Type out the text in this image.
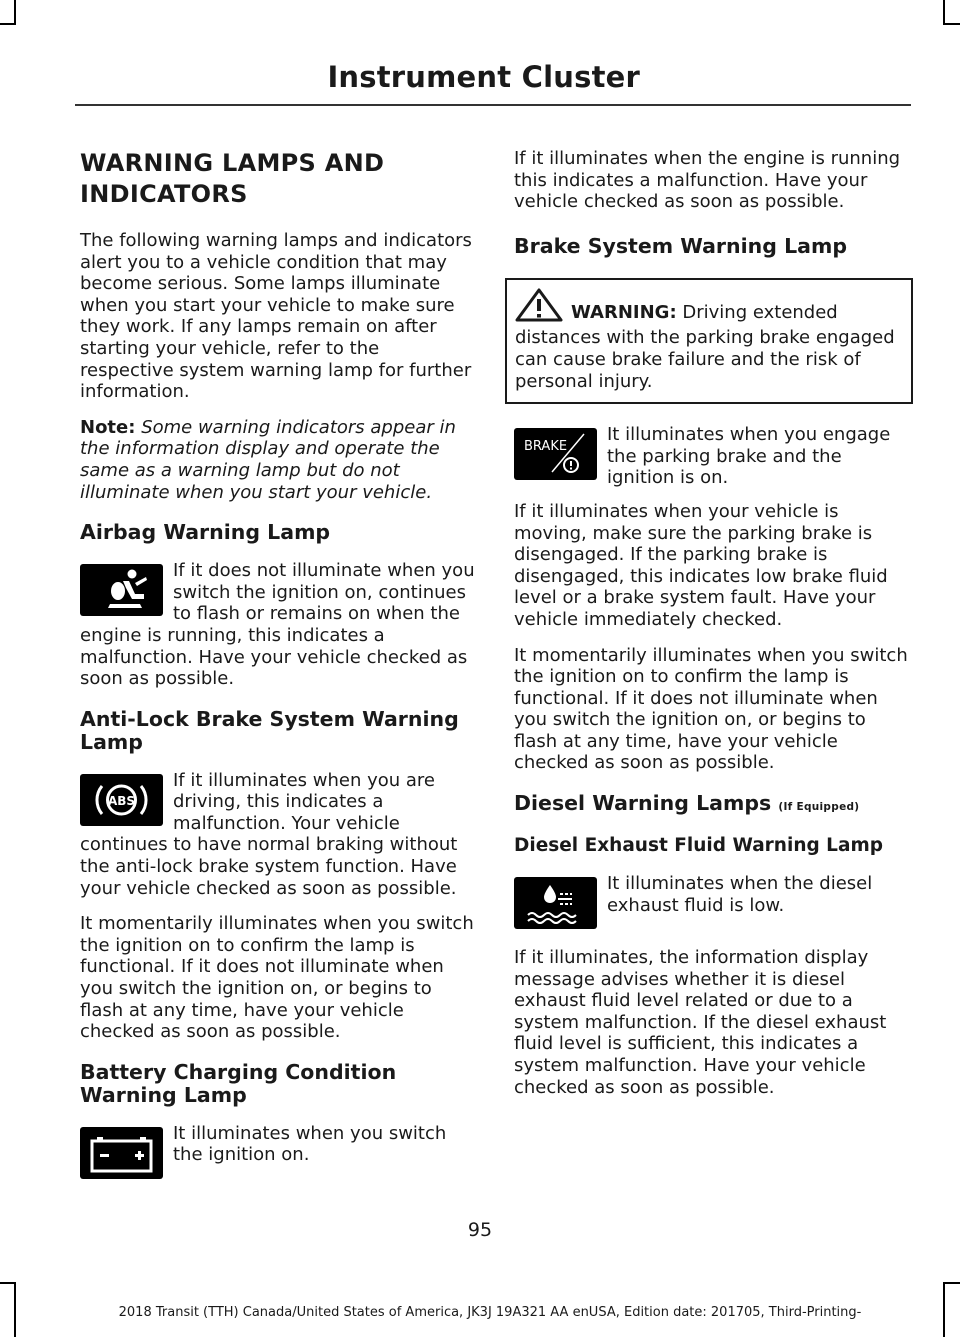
Instrument Cluster
WARNING LAMPS AND INDICATORS

The following warning lamps and indicators alert you to a vehicle condition that may become serious. Some lamps illuminate when you start your vehicle to make sure they work. If any lamps remain on after starting your vehicle, refer to the respective system warning lamp for further information.

Note: Some warning indicators appear in the information display and operate the same as a warning lamp but do not illuminate when you start your vehicle.

Airbag Warning Lamp

If it does not illuminate when you switch the ignition on, continues to flash or remains on when the engine is running, this indicates a malfunction. Have your vehicle checked as soon as possible.

Anti-Lock Brake System Warning Lamp
ABS

If it illuminates when you are driving, this indicates a malfunction. Your vehicle continues to have normal braking without the anti-lock brake system function. Have your vehicle checked as soon as possible.

It momentarily illuminates when you switch the ignition on to confirm the lamp is functional. If it does not illuminate when you switch the ignition on, or begins to flash at any time, have your vehicle checked as soon as possible.

Battery Charging Condition Warning Lamp

It illuminates when you switch the ignition on.

If it illuminates when the engine is running this indicates a malfunction. Have your vehicle checked as soon as possible.

Brake System Warning Lamp

WARNING: Driving extended distances with the parking brake engaged can cause brake failure and the risk of personal injury.

BRAKE

It illuminates when you engage the parking brake and the ignition is on.

If it illuminates when your vehicle is moving, make sure the parking brake is disengaged. If the parking brake is disengaged, this indicates low brake fluid level or a brake system fault. Have your vehicle immediately checked.

It momentarily illuminates when you switch the ignition on to confirm the lamp is functional. If it does not illuminate when you switch the ignition on, or begins to flash at any time, have your vehicle checked as soon as possible.

Diesel Warning Lamps (If Equipped)
Diesel Exhaust Fluid Warning Lamp

It illuminates when the diesel exhaust fluid is low.

If it illuminates, the information display message advises whether it is diesel exhaust fluid level related or due to a system malfunction. If the diesel exhaust fluid level is sufficient, this indicates a system malfunction. Have your vehicle checked as soon as possible.

95
2018 Transit (TTH) Canada/United States of America, JK3J 19A321 AA enUSA, Edition date: 201705, Third-Printing-
